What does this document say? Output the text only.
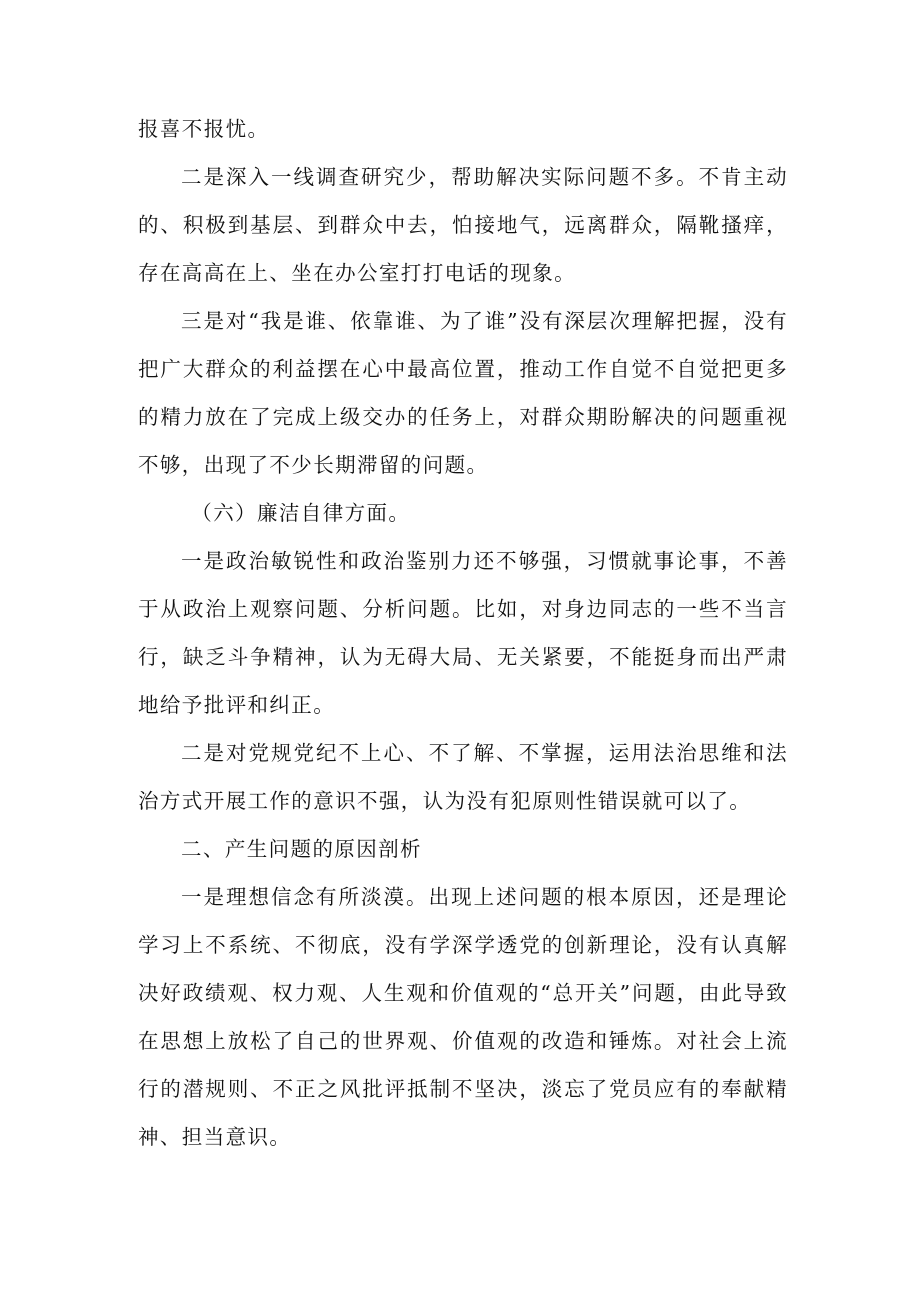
报喜不报忧。

二是深入一线调查研究少，帮助解决实际问题不多。不肯主动的、积极到基层、到群众中去，怕接地气，远离群众，隔靴搔痒，存在高高在上、坐在办公室打打电话的现象。

三是对“我是谁、依靠谁、为了谁”没有深层次理解把握，没有把广大群众的利益摆在心中最高位置，推动工作自觉不自觉把更多的精力放在了完成上级交办的任务上，对群众期盼解决的问题重视不够，出现了不少长期滞留的问题。

（六）廉洁自律方面。

一是政治敏锐性和政治鉴别力还不够强，习惯就事论事，不善于从政治上观察问题、分析问题。比如，对身边同志的一些不当言行，缺乏斗争精神，认为无碍大局、无关紧要，不能挺身而出严肃地给予批评和纠正。

二是对党规党纪不上心、不了解、不掌握，运用法治思维和法治方式开展工作的意识不强，认为没有犯原则性错误就可以了。

二、产生问题的原因剖析

一是理想信念有所淡漠。出现上述问题的根本原因，还是理论学习上不系统、不彻底，没有学深学透党的创新理论，没有认真解决好政绩观、权力观、人生观和价值观的“总开关”问题，由此导致在思想上放松了自己的世界观、价值观的改造和锤炼。对社会上流行的潜规则、不正之风批评抵制不坚决，淡忘了党员应有的奉献精神、担当意识。
